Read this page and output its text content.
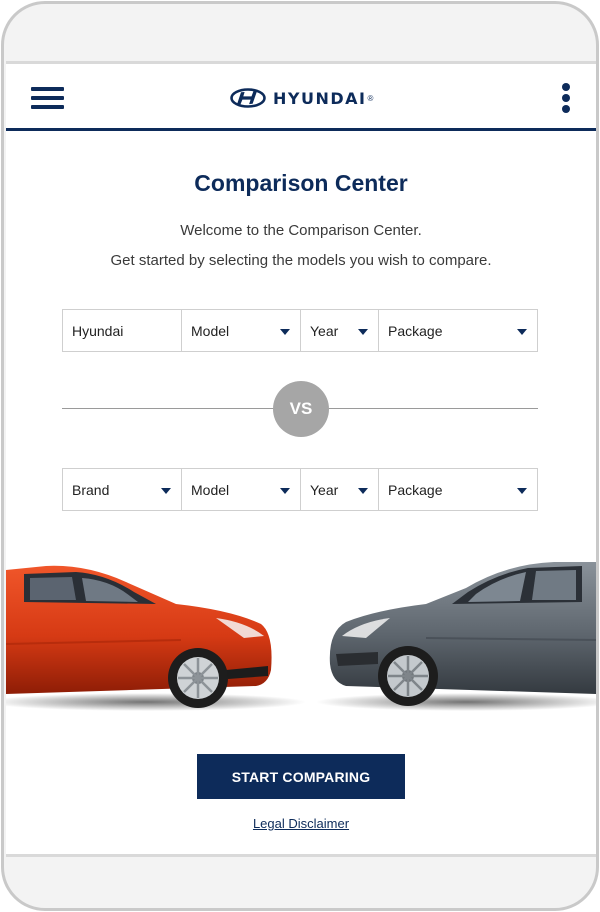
HYUNDAI ®
Comparison Center
Welcome to the Comparison Center.
Get started by selecting the models you wish to compare.
Hyundai	Model	Year	Package
VS
Brand	Model	Year	Package
START COMPARING
Legal Disclaimer
